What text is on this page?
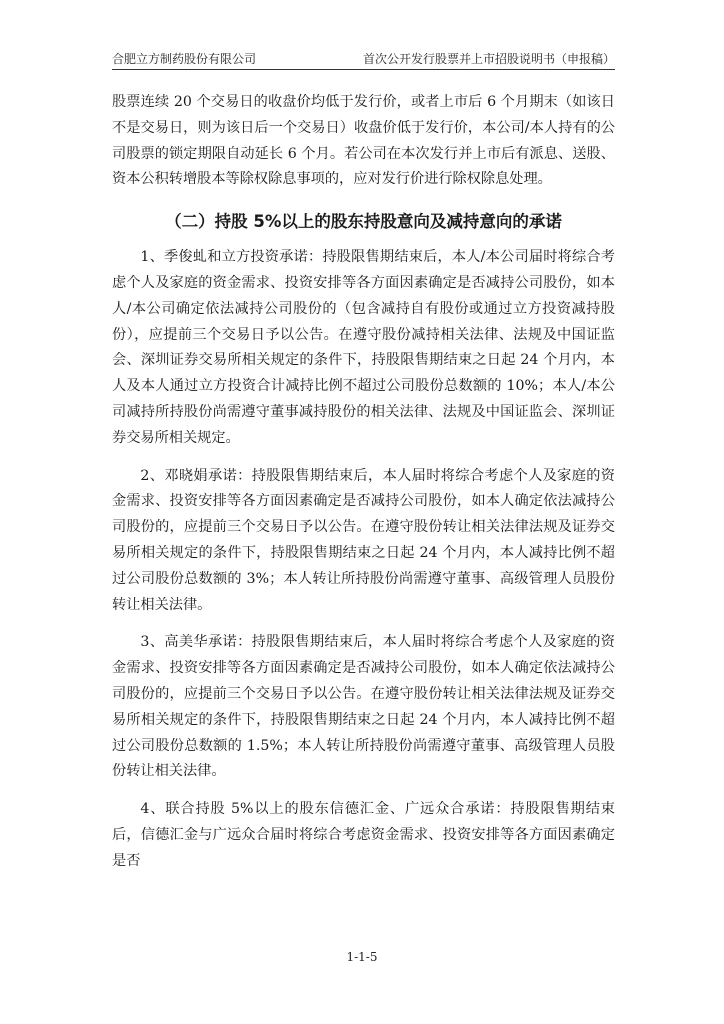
合肥立方制药股份有限公司	首次公开发行股票并上市招股说明书（申报稿）

股票连续 20 个交易日的收盘价均低于发行价，或者上市后 6 个月期末（如该日不是交易日，则为该日后一个交易日）收盘价低于发行价，本公司/本人持有的公司股票的锁定期限自动延长 6 个月。若公司在本次发行并上市后有派息、送股、资本公积转增股本等除权除息事项的，应对发行价进行除权除息处理。

（二）持股 5%以上的股东持股意向及减持意向的承诺

1、季俊虬和立方投资承诺：持股限售期结束后，本人/本公司届时将综合考虑个人及家庭的资金需求、投资安排等各方面因素确定是否减持公司股份，如本人/本公司确定依法减持公司股份的（包含减持自有股份或通过立方投资减持股份），应提前三个交易日予以公告。在遵守股份减持相关法律、法规及中国证监会、深圳证券交易所相关规定的条件下，持股限售期结束之日起 24 个月内，本人及本人通过立方投资合计减持比例不超过公司股份总数额的 10%；本人/本公司减持所持股份尚需遵守董事减持股份的相关法律、法规及中国证监会、深圳证券交易所相关规定。

2、邓晓娟承诺：持股限售期结束后，本人届时将综合考虑个人及家庭的资金需求、投资安排等各方面因素确定是否减持公司股份，如本人确定依法减持公司股份的，应提前三个交易日予以公告。在遵守股份转让相关法律法规及证券交易所相关规定的条件下，持股限售期结束之日起 24 个月内，本人减持比例不超过公司股份总数额的 3%；本人转让所持股份尚需遵守董事、高级管理人员股份转让相关法律。

3、高美华承诺：持股限售期结束后，本人届时将综合考虑个人及家庭的资金需求、投资安排等各方面因素确定是否减持公司股份，如本人确定依法减持公司股份的，应提前三个交易日予以公告。在遵守股份转让相关法律法规及证券交易所相关规定的条件下，持股限售期结束之日起 24 个月内，本人减持比例不超过公司股份总数额的 1.5%；本人转让所持股份尚需遵守董事、高级管理人员股份转让相关法律。

4、联合持股 5%以上的股东信德汇金、广远众合承诺：持股限售期结束后，信德汇金与广远众合届时将综合考虑资金需求、投资安排等各方面因素确定是否

1-1-5
